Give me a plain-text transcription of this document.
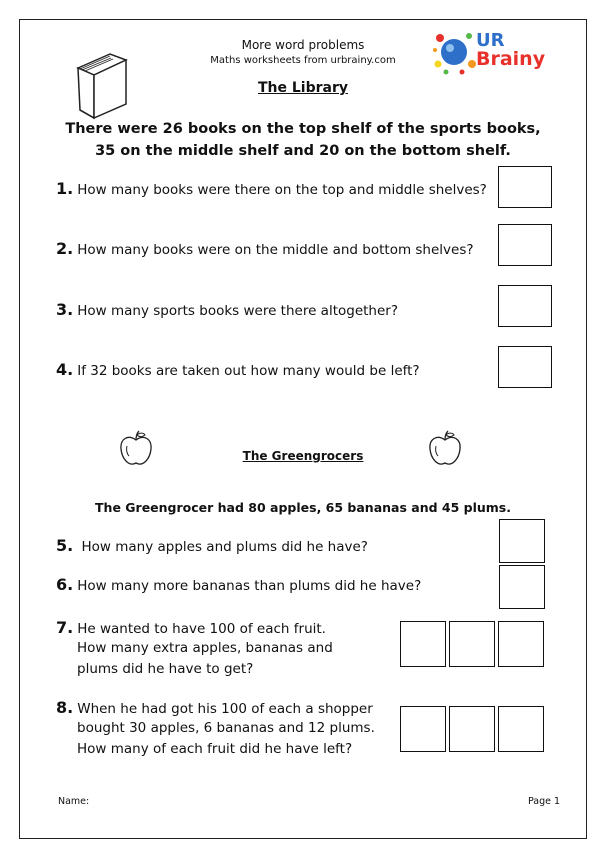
More word problems
Maths worksheets from urbrainy.com
UR
Brainy
The Library
There were 26 books on the top shelf of the sports books,
35 on the middle shelf and 20 on the bottom shelf.
1. How many books were there on the top and middle shelves?
2. How many books were on the middle and bottom shelves?
3. How many sports books were there altogether?
4. If 32 books are taken out how many would be left?
The Greengrocers
The Greengrocer had 80 apples, 65 bananas and 45 plums.
5. How many apples and plums did he have?
6. How many more bananas than plums did he have?
7. He wanted to have 100 of each fruit.
How many extra apples, bananas and
plums did he have to get?
8. When he had got his 100 of each a shopper
bought 30 apples, 6 bananas and 12 plums.
How many of each fruit did he have left?
Name:	Page 1
